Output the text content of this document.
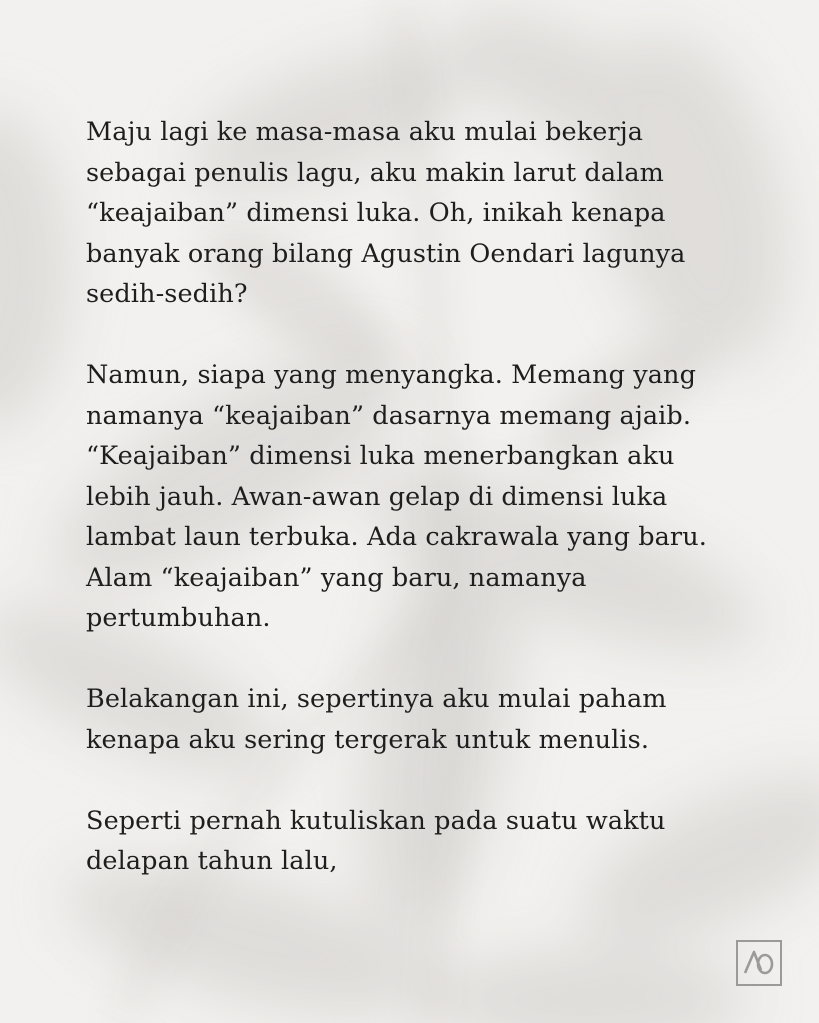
Maju lagi ke masa-masa aku mulai bekerja
sebagai penulis lagu, aku makin larut dalam
“keajaiban” dimensi luka. Oh, inikah kenapa
banyak orang bilang Agustin Oendari lagunya
sedih-sedih?
Namun, siapa yang menyangka. Memang yang
namanya “keajaiban” dasarnya memang ajaib.
“Keajaiban” dimensi luka menerbangkan aku
lebih jauh. Awan-awan gelap di dimensi luka
lambat laun terbuka. Ada cakrawala yang baru.
Alam “keajaiban” yang baru, namanya
pertumbuhan.
Belakangan ini, sepertinya aku mulai paham
kenapa aku sering tergerak untuk menulis.
Seperti pernah kutuliskan pada suatu waktu
delapan tahun lalu,
